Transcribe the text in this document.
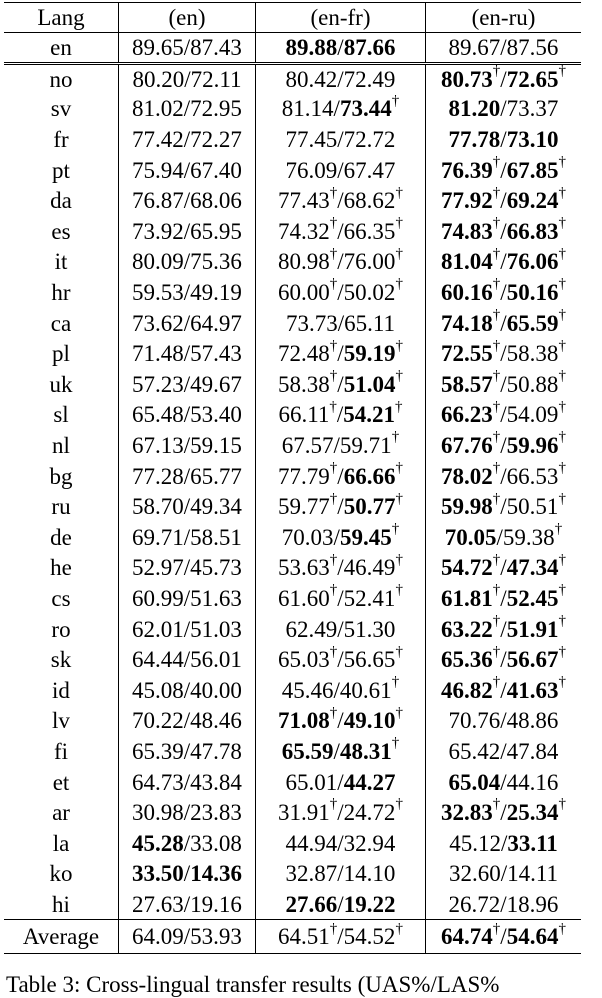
Lang	(en)	(en-fr)	(en-ru)
en	89.65/87.43	89.88/87.66	89.67/87.56
no	80.20/72.11	80.42/72.49	80.73†/72.65†
sv	81.02/72.95	81.14/73.44†	81.20/73.37
fr	77.42/72.27	77.45/72.72	77.78/73.10
pt	75.94/67.40	76.09/67.47	76.39†/67.85†
da	76.87/68.06	77.43†/68.62†	77.92†/69.24†
es	73.92/65.95	74.32†/66.35†	74.83†/66.83†
it	80.09/75.36	80.98†/76.00†	81.04†/76.06†
hr	59.53/49.19	60.00†/50.02†	60.16†/50.16†
ca	73.62/64.97	73.73/65.11	74.18†/65.59†
pl	71.48/57.43	72.48†/59.19†	72.55†/58.38†
uk	57.23/49.67	58.38†/51.04†	58.57†/50.88†
sl	65.48/53.40	66.11†/54.21†	66.23†/54.09†
nl	67.13/59.15	67.57/59.71†	67.76†/59.96†
bg	77.28/65.77	77.79†/66.66†	78.02†/66.53†
ru	58.70/49.34	59.77†/50.77†	59.98†/50.51†
de	69.71/58.51	70.03/59.45†	70.05/59.38†
he	52.97/45.73	53.63†/46.49†	54.72†/47.34†
cs	60.99/51.63	61.60†/52.41†	61.81†/52.45†
ro	62.01/51.03	62.49/51.30	63.22†/51.91†
sk	64.44/56.01	65.03†/56.65†	65.36†/56.67†
id	45.08/40.00	45.46/40.61†	46.82†/41.63†
lv	70.22/48.46	71.08†/49.10†	70.76/48.86
fi	65.39/47.78	65.59/48.31†	65.42/47.84
et	64.73/43.84	65.01/44.27	65.04/44.16
ar	30.98/23.83	31.91†/24.72†	32.83†/25.34†
la	45.28/33.08	44.94/32.94	45.12/33.11
ko	33.50/14.36	32.87/14.10	32.60/14.11
hi	27.63/19.16	27.66/19.22	26.72/18.96
Average	64.09/53.93	64.51†/54.52†	64.74†/54.64†
Table 3: Cross-lingual transfer results (UAS%/LAS%
